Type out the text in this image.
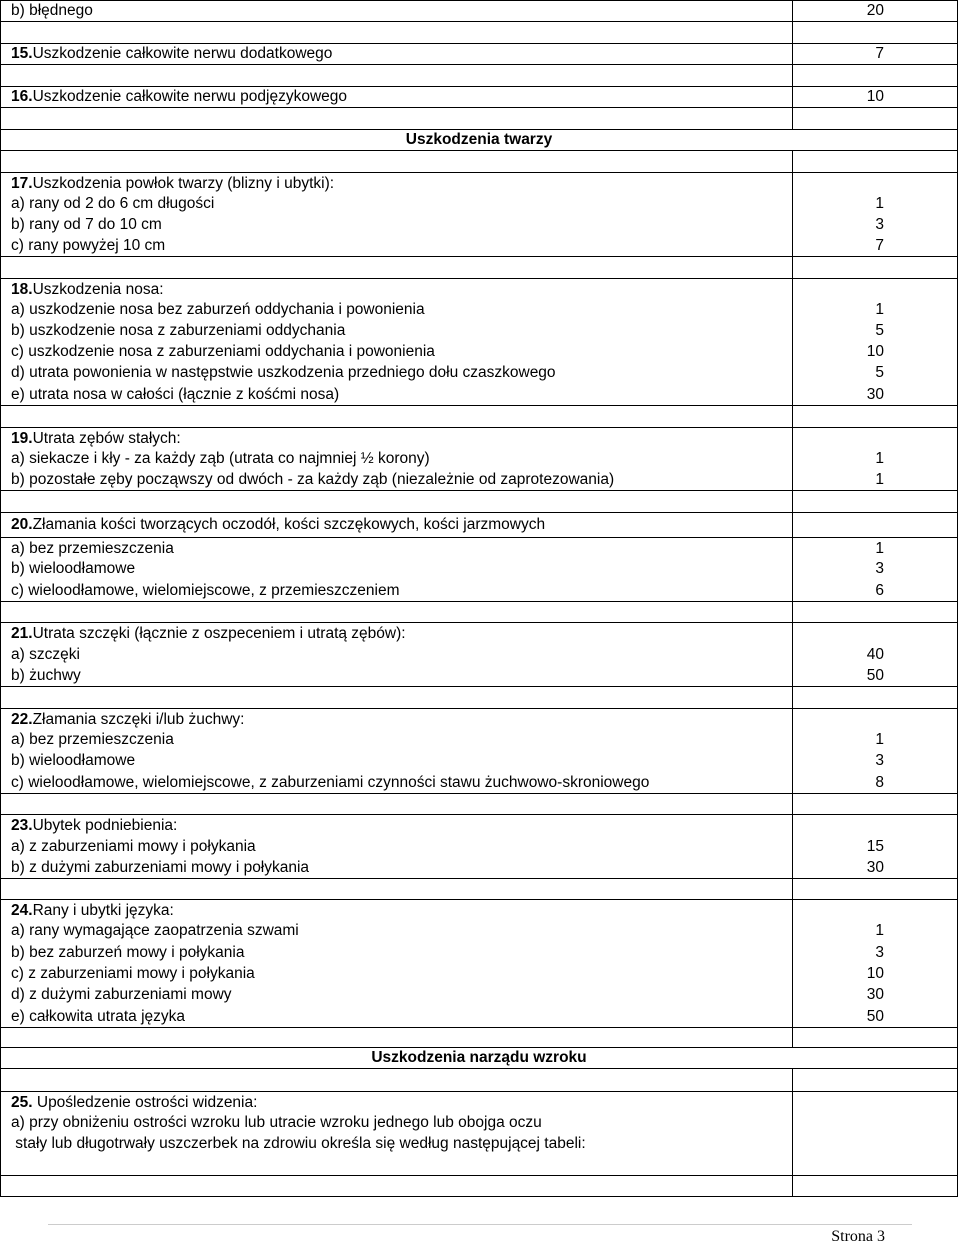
b) błędnego	20
15. Uszkodzenie całkowite nerwu dodatkowego	7
16. Uszkodzenie całkowite nerwu podjęzykowego	10
Uszkodzenia twarzy
17. Uszkodzenia powłok twarzy (blizny i ubytki):
a) rany od 2 do 6 cm długości	1
b) rany od 7 do 10 cm	3
c) rany powyżej 10 cm	7
18. Uszkodzenia nosa:
a) uszkodzenie nosa bez zaburzeń oddychania i powonienia	1
b) uszkodzenie nosa z zaburzeniami oddychania	5
c) uszkodzenie nosa z zaburzeniami oddychania i powonienia	10
d) utrata powonienia w następstwie uszkodzenia przedniego dołu czaszkowego	5
e) utrata nosa w całości (łącznie z kośćmi nosa)	30
19. Utrata zębów stałych:
a) siekacze i kły - za każdy ząb (utrata co najmniej ½ korony)	1
b) pozostałe zęby począwszy od dwóch - za każdy ząb (niezależnie od zaprotezowania)	1
20. Złamania kości tworzących oczodół, kości szczękowych, kości jarzmowych
a) bez przemieszczenia	1
b) wieloodłamowe	3
c) wieloodłamowe, wielomiejscowe, z przemieszczeniem	6
21. Utrata szczęki (łącznie z oszpeceniem i utratą zębów):
a) szczęki	40
b) żuchwy	50
22. Złamania szczęki i/lub żuchwy:
a) bez przemieszczenia	1
b) wieloodłamowe	3
c) wieloodłamowe, wielomiejscowe, z zaburzeniami czynności stawu żuchwowo-skroniowego	8
23. Ubytek podniebienia:
a) z zaburzeniami mowy i połykania	15
b) z dużymi zaburzeniami mowy i połykania	30
24. Rany i ubytki języka:
a) rany wymagające zaopatrzenia szwami	1
b) bez zaburzeń mowy i połykania	3
c) z zaburzeniami mowy i połykania	10
d) z dużymi zaburzeniami mowy	30
e) całkowita utrata języka	50
Uszkodzenia narządu wzroku
25. Upośledzenie ostrości widzenia:
a) przy obniżeniu ostrości wzroku lub utracie wzroku jednego lub obojga oczu
stały lub długotrwały uszczerbek na zdrowiu określa się według następującej tabeli:
Strona 3
